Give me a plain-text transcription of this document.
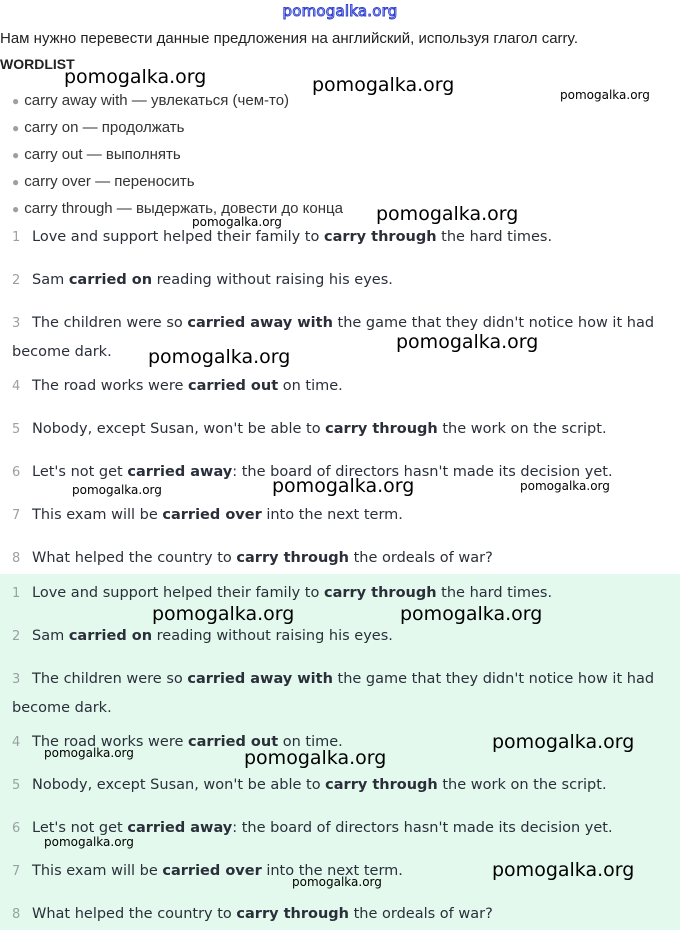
pomogalka.org
Нам нужно перевести данные предложения на английский, используя глагол carry.
WORDLIST
● carry away with — увлекаться (чем-то)
● carry on — продолжать
● carry out — выполнять
● carry over — переносить
● carry through — выдержать, довести до конца
1 Love and support helped their family to carry through the hard times.
2 Sam carried on reading without raising his eyes.
3 The children were so carried away with the game that they didn't notice how it had become dark.
4 The road works were carried out on time.
5 Nobody, except Susan, won't be able to carry through the work on the script.
6 Let's not get carried away: the board of directors hasn't made its decision yet.
7 This exam will be carried over into the next term.
8 What helped the country to carry through the ordeals of war?
1 Love and support helped their family to carry through the hard times.
2 Sam carried on reading without raising his eyes.
3 The children were so carried away with the game that they didn't notice how it had become dark.
4 The road works were carried out on time.
5 Nobody, except Susan, won't be able to carry through the work on the script.
6 Let's not get carried away: the board of directors hasn't made its decision yet.
7 This exam will be carried over into the next term.
8 What helped the country to carry through the ordeals of war?
pomogalka.org	pomogalka.org	pomogalka.org
pomogalka.org
pomogalka.org
pomogalka.org
pomogalka.org
pomogalka.org	pomogalka.org	pomogalka.org
pomogalka.org	pomogalka.org
pomogalka.org
pomogalka.org	pomogalka.org
pomogalka.org
pomogalka.org
pomogalka.org
